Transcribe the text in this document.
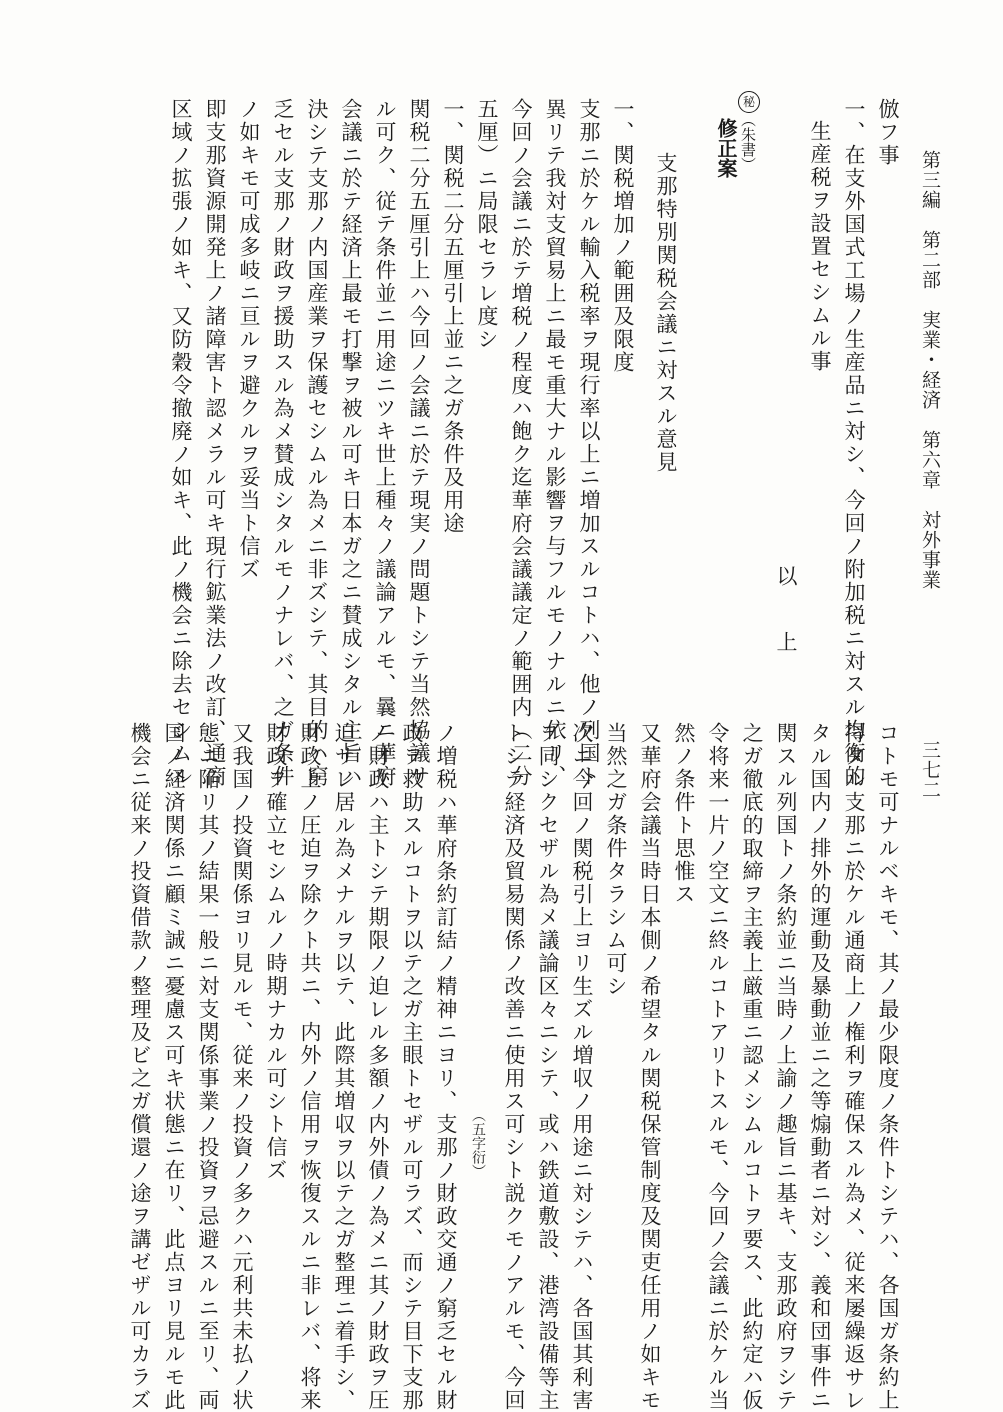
第三編　第二部　実業・経済　第六章　対外事業
三七二
倣フ事
一、在支外国式工場ノ生産品ニ対シ、今回ノ附加税ニ対スル均衡的
生産税ヲ設置セシムル事
以　上
秘
（朱書）
修正案
支那特別関税会議ニ対スル意見
一、関税増加ノ範囲及限度
支那ニ於ケル輸入税率ヲ現行率以上ニ増加スルコトハ、他ノ列国ト
異リテ我対支貿易上ニ最モ重大ナル影響ヲ与フルモノナルニ依リ、
今回ノ会議ニ於テ増税ノ程度ハ飽ク迄華府会議議定ノ範囲内（二分
五厘）ニ局限セラレ度シ
一、関税二分五厘引上並ニ之ガ条件及用途
関税二分五厘引上ハ今回ノ会議ニ於テ現実ノ問題トシテ当然協議サ
ル可ク、従テ条件並ニ用途ニツキ世上種々ノ議論アルモ、曩ニ華府
会議ニ於テ経済上最モ打撃ヲ被ル可キ日本ガ之ニ賛成シタル主旨ハ
決シテ支那ノ内国産業ヲ保護セシムル為メニ非ズシテ、其目的ハ窮
乏セル支那ノ財政ヲ援助スル為メ賛成シタルモノナレバ、之ガ条件
ノ如キモ可成多岐ニ亘ルヲ避クルヲ妥当ト信ズ
即支那資源開発上ノ諸障害ト認メラル可キ現行鉱業法ノ改訂、通商
区域ノ拡張ノ如キ、又防穀令撤廃ノ如キ、此ノ機会ニ除去セシムル
コトモ可ナルベキモ、其ノ最少限度ノ条件トシテハ、各国ガ条約上
得タル支那ニ於ケル通商上ノ権利ヲ確保スル為メ、従来屡繰返サレ
タル国内ノ排外的運動及暴動並ニ之等煽動者ニ対シ、義和団事件ニ
関スル列国トノ条約並ニ当時ノ上諭ノ趣旨ニ基キ、支那政府ヲシテ
之ガ徹底的取締ヲ主義上厳重ニ認メシムルコトヲ要ス、此約定ハ仮
令将来一片ノ空文ニ終ルコトアリトスルモ、今回ノ会議ニ於ケル当
然ノ条件ト思惟ス
又華府会議当時日本側ノ希望タル関税保管制度及関吏任用ノ如キモ
当然之ガ条件タラシム可シ
次ニ今回ノ関税引上ヨリ生ズル増収ノ用途ニ対シテハ、各国其利害
ヲ同シクセザル為メ議論区々ニシテ、或ハ鉄道敷設、港湾設備等主
トシテ経済及貿易関係ノ改善ニ使用ス可シト説クモノアルモ、今回
（五字衍）
ノ増税ハ華府条約訂結ノ精神ニヨリ、支那ノ財政交通ノ窮乏セル財
政ヲ救助スルコトヲ以テ之ガ主眼トセザル可ラズ、而シテ目下支那
ノ財政ハ主トシテ期限ノ迫レル多額ノ内外債ノ為メニ其ノ財政ヲ圧
迫サレ居ル為メナルヲ以テ、此際其増収ヲ以テ之ガ整理ニ着手シ、
財政上ノ圧迫ヲ除クト共ニ、内外ノ信用ヲ恢復スルニ非レバ、将来
財政ヲ確立セシムルノ時期ナカル可シト信ズ
又我国ノ投資関係ヨリ見ルモ、従来ノ投資ノ多クハ元利共未払ノ状
態ニ陥リ其ノ結果一般ニ対支関係事業ノ投資ヲ忌避スルニ至リ、両
国ノ経済関係ニ顧ミ誠ニ憂慮ス可キ状態ニ在リ、此点ヨリ見ルモ此
機会ニ従来ノ投資借款ノ整理及ビ之ガ償還ノ途ヲ講ゼザル可カラズ
